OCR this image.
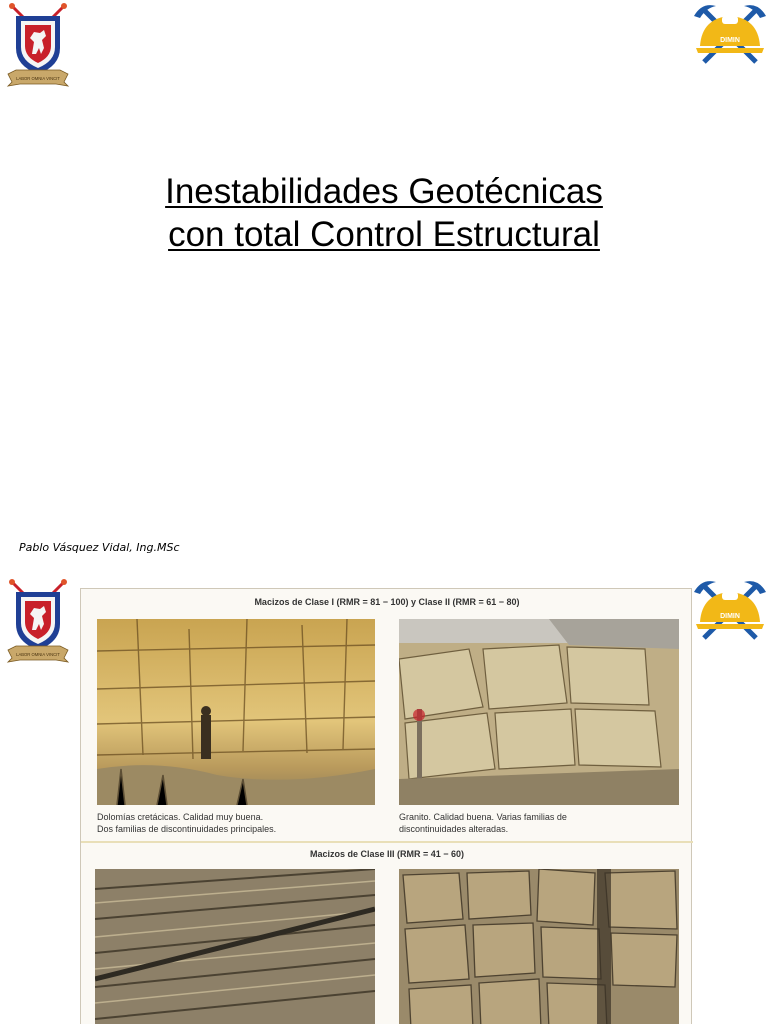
LABOR OMNIA VINCIT
DIMIN
Inestabilidades Geotécnicas
con total Control Estructural
Pablo Vásquez Vidal, Ing.MSc
LABOR OMNIA VINCIT
DIMIN
Macizos de Clase I (RMR = 81 − 100) y Clase II (RMR = 61 − 80)
Dolomías cretácicas. Calidad muy buena.
Dos familias de discontinuidades principales.
Granito. Calidad buena. Varias familias de
discontinuidades alteradas.
Macizos de Clase III (RMR = 41 − 60)
